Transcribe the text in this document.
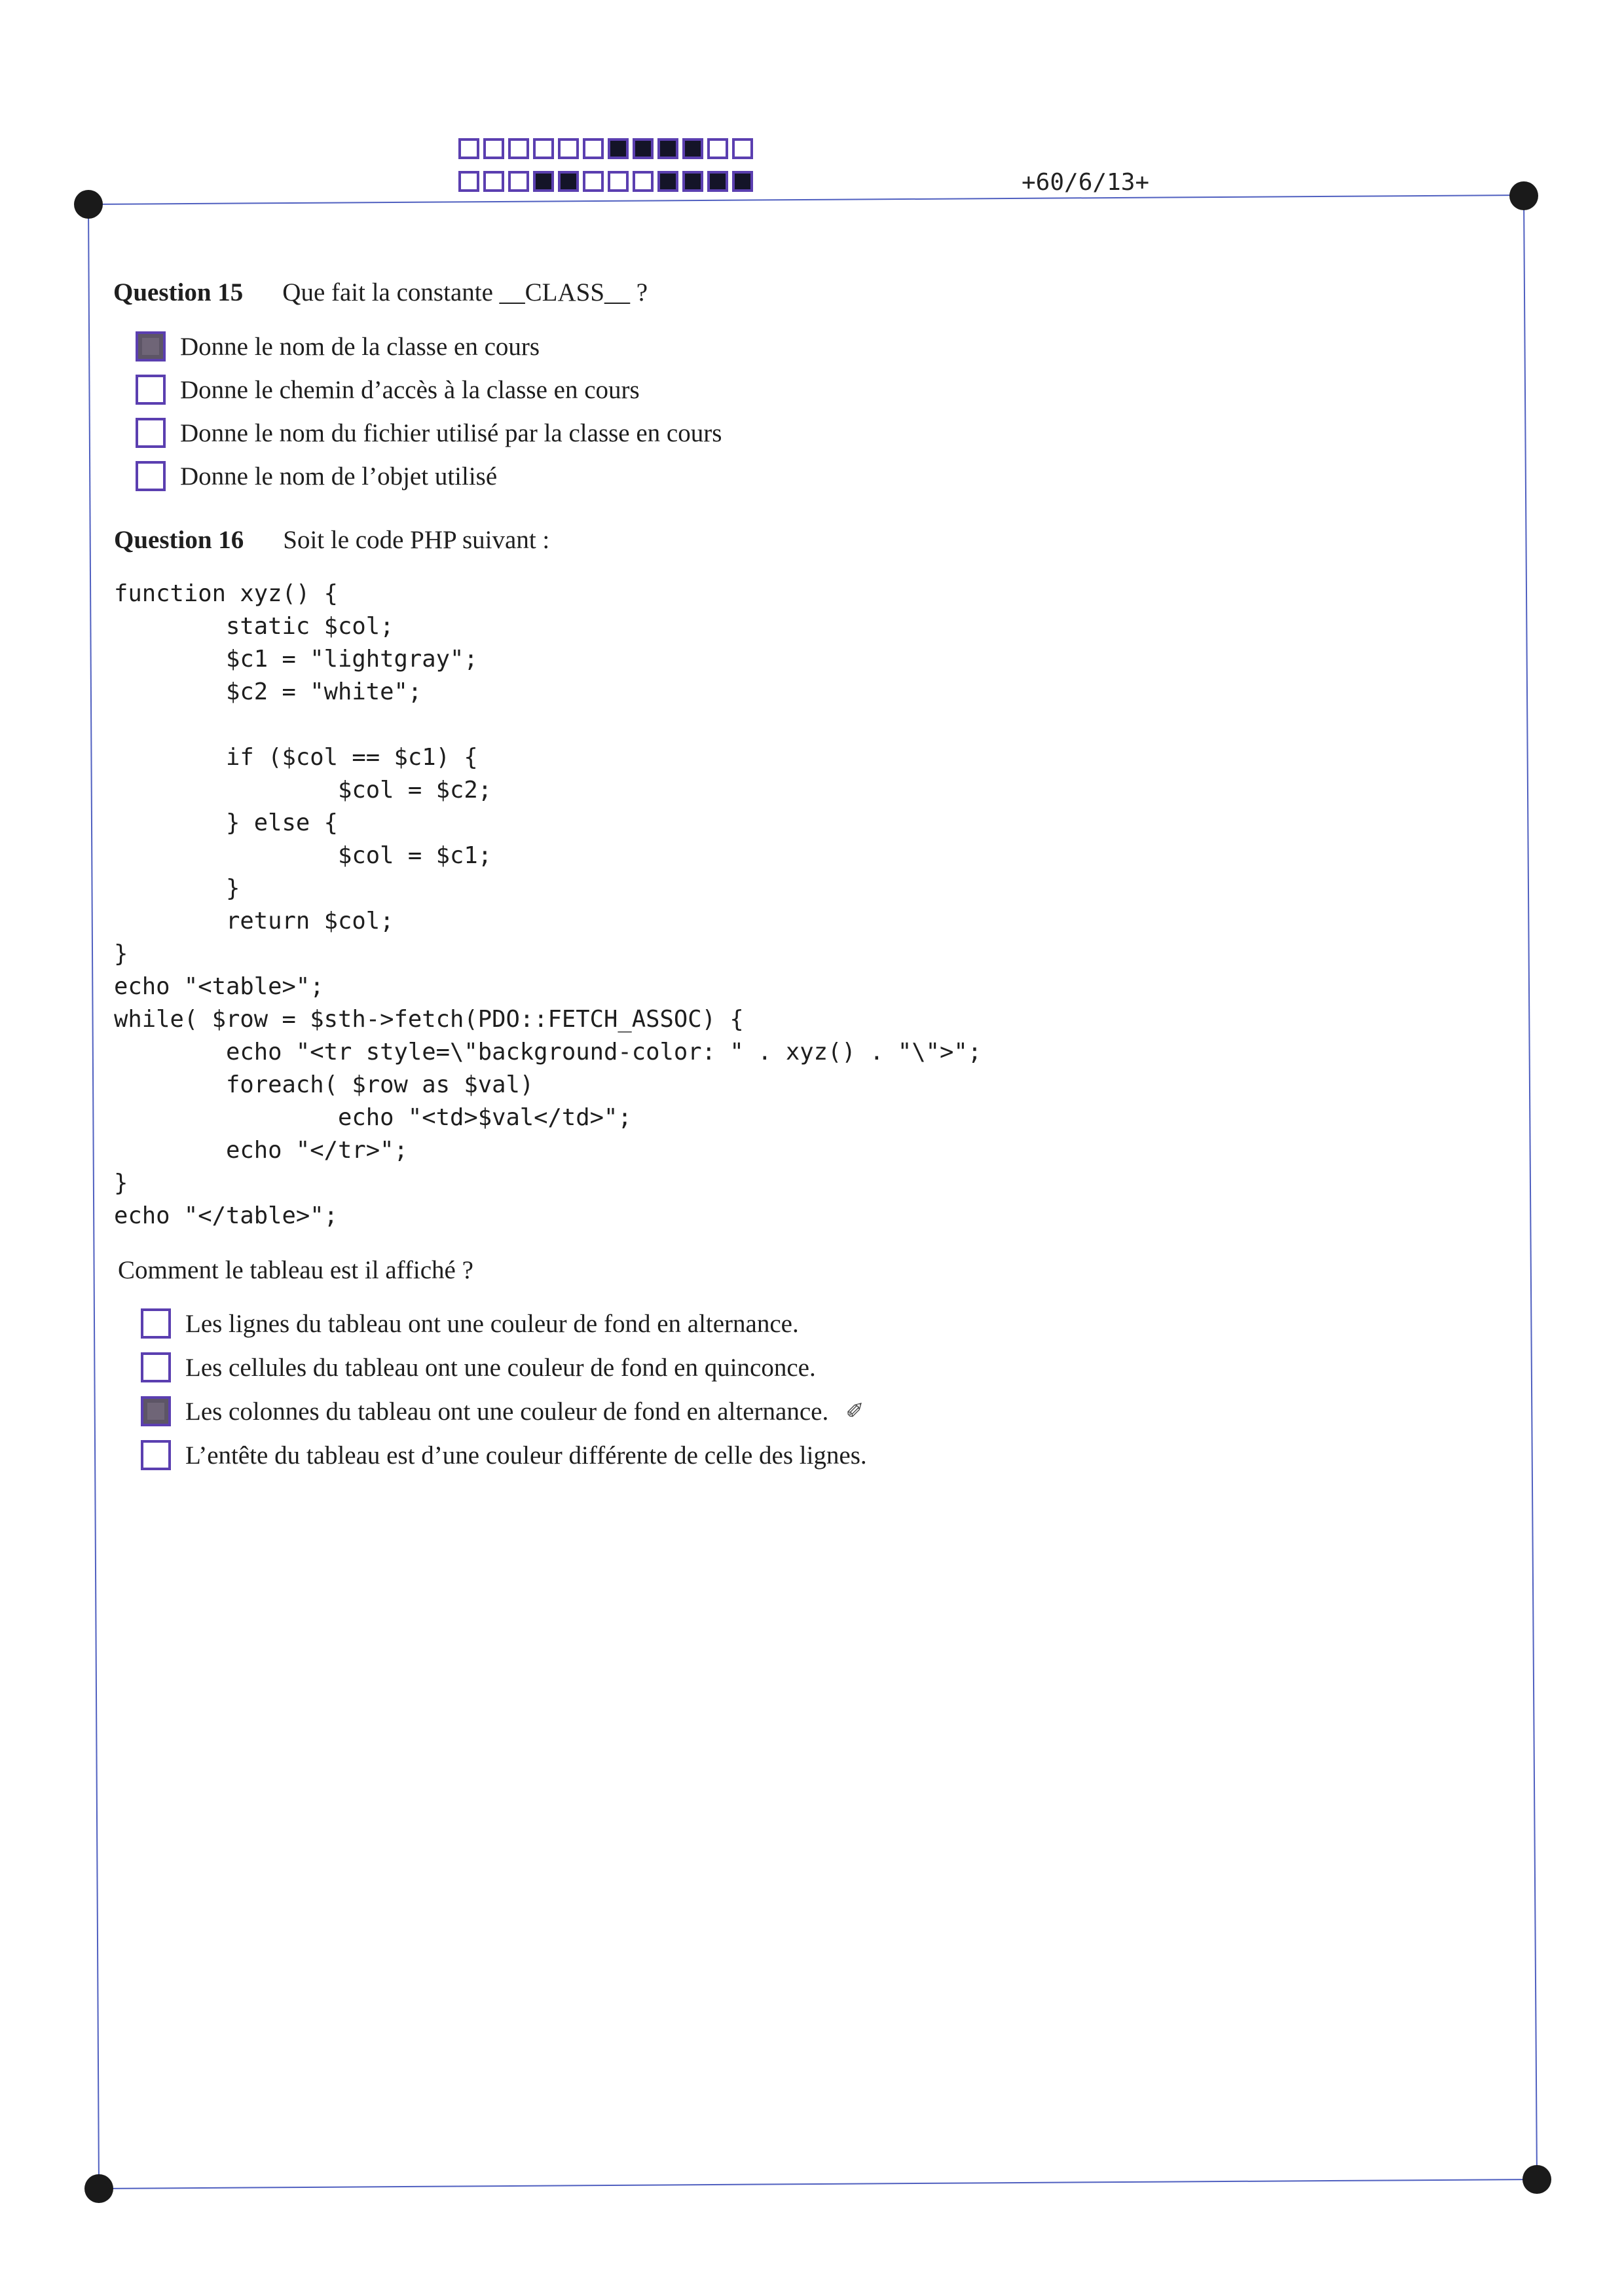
+60/6/13+
Question 15 Que fait la constante __CLASS__ ?
Donne le nom de la classe en cours
Donne le chemin d’accès à la classe en cours
Donne le nom du fichier utilisé par la classe en cours
Donne le nom de l’objet utilisé
Question 16 Soit le code PHP suivant :
function xyz() {
static $col;
$c1 = "lightgray";
$c2 = "white";

if ($col == $c1) {
$col = $c2;
} else {
$col = $c1;
}
return $col;
}
echo "<table>";
while( $row = $sth->fetch(PDO::FETCH_ASSOC) {
echo "<tr style=\"background-color: " . xyz() . "\">";
foreach( $row as $val)
echo "<td>$val</td>";
echo "</tr>";
}
echo "</table>";
Comment le tableau est il affiché ?
Les lignes du tableau ont une couleur de fond en alternance.
Les cellules du tableau ont une couleur de fond en quinconce.
Les colonnes du tableau ont une couleur de fond en alternance. ✐
L’entête du tableau est d’une couleur différente de celle des lignes.
